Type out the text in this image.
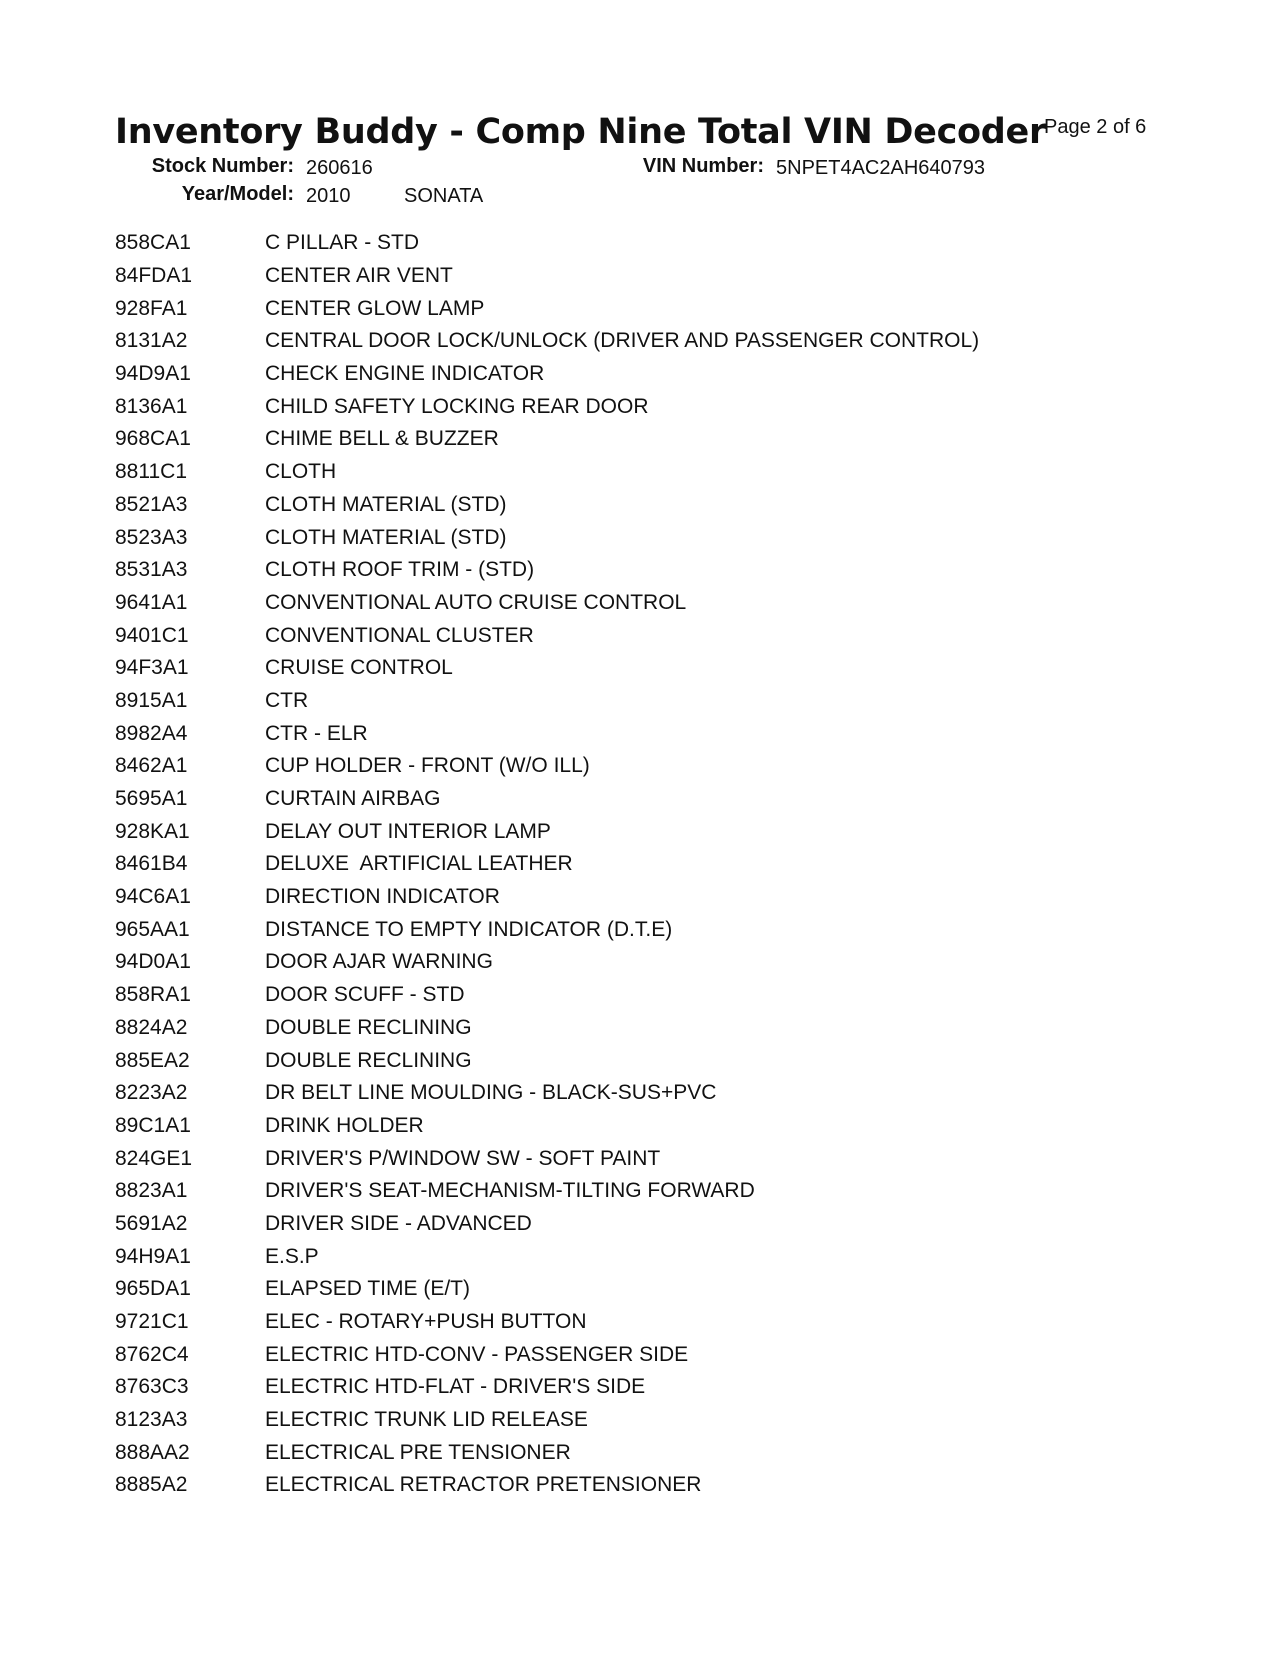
Inventory Buddy - Comp Nine Total VIN Decoder
Page 2 of 6
Stock Number: 260616	VIN Number: 5NPET4AC2AH640793
Year/Model: 2010	SONATA
858CA1	C PILLAR - STD
84FDA1	CENTER AIR VENT
928FA1	CENTER GLOW LAMP
8131A2	CENTRAL DOOR LOCK/UNLOCK (DRIVER AND PASSENGER CONTROL)
94D9A1	CHECK ENGINE INDICATOR
8136A1	CHILD SAFETY LOCKING REAR DOOR
968CA1	CHIME BELL & BUZZER
8811C1	CLOTH
8521A3	CLOTH MATERIAL (STD)
8523A3	CLOTH MATERIAL (STD)
8531A3	CLOTH ROOF TRIM - (STD)
9641A1	CONVENTIONAL AUTO CRUISE CONTROL
9401C1	CONVENTIONAL CLUSTER
94F3A1	CRUISE CONTROL
8915A1	CTR
8982A4	CTR - ELR
8462A1	CUP HOLDER - FRONT (W/O ILL)
5695A1	CURTAIN AIRBAG
928KA1	DELAY OUT INTERIOR LAMP
8461B4	DELUXE  ARTIFICIAL LEATHER
94C6A1	DIRECTION INDICATOR
965AA1	DISTANCE TO EMPTY INDICATOR (D.T.E)
94D0A1	DOOR AJAR WARNING
858RA1	DOOR SCUFF - STD
8824A2	DOUBLE RECLINING
885EA2	DOUBLE RECLINING
8223A2	DR BELT LINE MOULDING - BLACK-SUS+PVC
89C1A1	DRINK HOLDER
824GE1	DRIVER'S P/WINDOW SW - SOFT PAINT
8823A1	DRIVER'S SEAT-MECHANISM-TILTING FORWARD
5691A2	DRIVER SIDE - ADVANCED
94H9A1	E.S.P
965DA1	ELAPSED TIME (E/T)
9721C1	ELEC - ROTARY+PUSH BUTTON
8762C4	ELECTRIC HTD-CONV - PASSENGER SIDE
8763C3	ELECTRIC HTD-FLAT - DRIVER'S SIDE
8123A3	ELECTRIC TRUNK LID RELEASE
888AA2	ELECTRICAL PRE TENSIONER
8885A2	ELECTRICAL RETRACTOR PRETENSIONER
